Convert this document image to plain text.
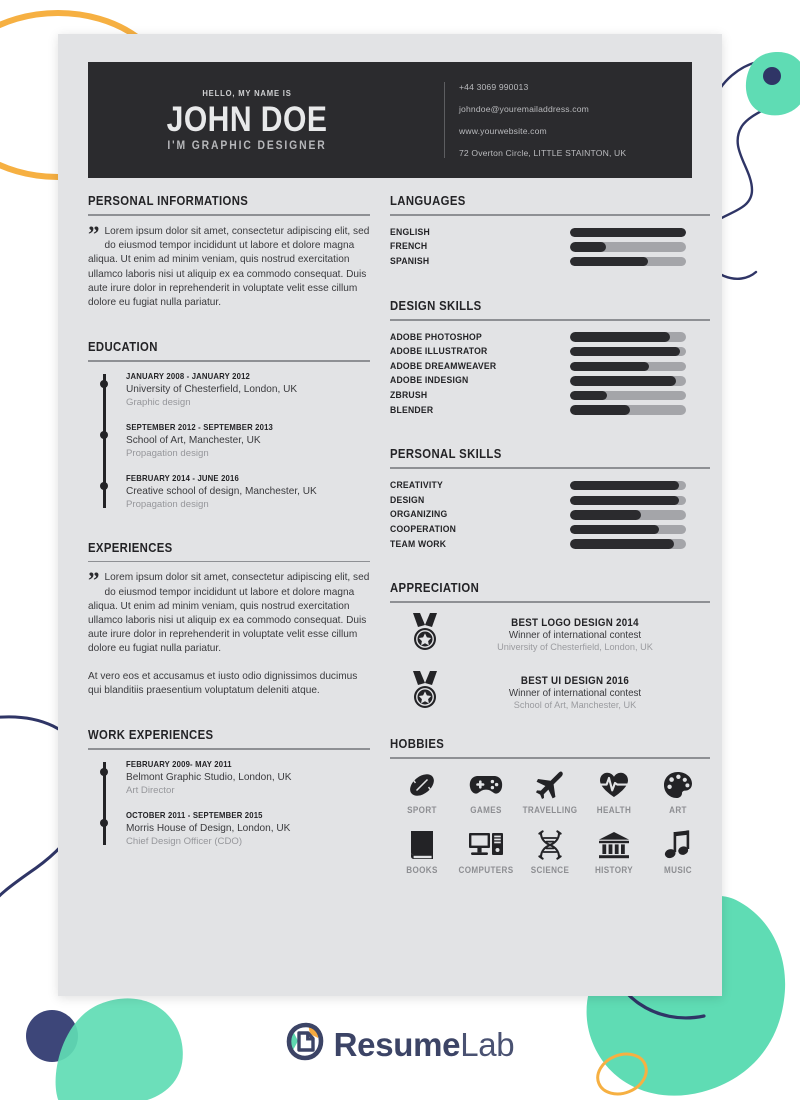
HELLO, MY NAME IS
JOHN DOE
I'M GRAPHIC DESIGNER
+44 3069 990013
johndoe@youremailaddress.com
www.yourwebsite.com
72 Overton Circle, LITTLE STAINTON, UK
PERSONAL INFORMATIONS

” Lorem ipsum dolor sit amet, consectetur adipiscing elit, sed do eiusmod tempor incididunt ut labore et dolore magna aliqua. Ut enim ad minim veniam, quis nostrud exercitation ullamco laboris nisi ut aliquip ex ea commodo consequat. Duis aute irure dolor in reprehenderit in voluptate velit esse cillum dolore eu fugiat nulla pariatur.

EDUCATION
JANUARY 2008 - JANUARY 2012
University of Chesterfield, London, UK
Graphic design
SEPTEMBER 2012 - SEPTEMBER 2013
School of Art, Manchester, UK
Propagation design
FEBRUARY 2014 - JUNE 2016
Creative school of design, Manchester, UK
Propagation design
EXPERIENCES

” Lorem ipsum dolor sit amet, consectetur adipiscing elit, sed do eiusmod tempor incididunt ut labore et dolore magna aliqua. Ut enim ad minim veniam, quis nostrud exercitation ullamco laboris nisi ut aliquip ex ea commodo consequat. Duis aute irure dolor in reprehenderit in voluptate velit esse cillum dolore eu fugiat nulla pariatur.

At vero eos et accusamus et iusto odio dignissimos ducimus qui blanditiis praesentium voluptatum deleniti atque.

WORK EXPERIENCES
FEBRUARY 2009- MAY 2011
Belmont Graphic Studio, London, UK
Art Director
OCTOBER 2011 - SEPTEMBER 2015
Morris House of Design, London, UK
Chief Design Officer (CDO)
LANGUAGES
ENGLISH
FRENCH
SPANISH
DESIGN SKILLS
ADOBE PHOTOSHOP
ADOBE ILLUSTRATOR
ADOBE DREAMWEAVER
ADOBE INDESIGN
ZBRUSH
BLENDER
PERSONAL SKILLS
CREATIVITY
DESIGN
ORGANIZING
COOPERATION
TEAM WORK
APPRECIATION
BEST LOGO DESIGN 2014
Winner of international contest
University of Chesterfield, London, UK
BEST UI DESIGN 2016
Winner of international contest
School of Art, Manchester, UK
HOBBIES
SPORT	GAMES	TRAVELLING	HEALTH	ART
BOOKS	COMPUTERS	SCIENCE	HISTORY	MUSIC
ResumeLab
